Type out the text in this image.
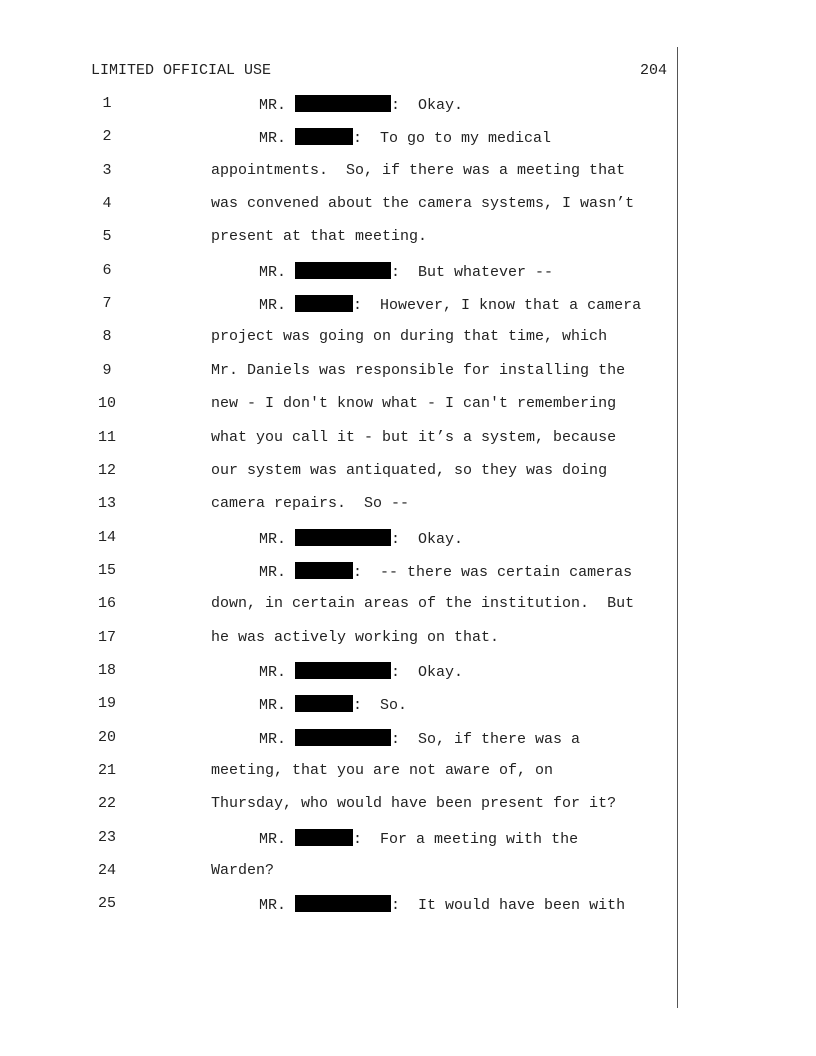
LIMITED OFFICIAL USE	204
1	MR.	:  Okay.
2	MR.	:  To go to my medical
3	appointments.  So, if there was a meeting that
4	was convened about the camera systems, I wasn’t
5	present at that meeting.
6	MR.	:  But whatever --
7	MR.	:  However, I know that a camera
8	project was going on during that time, which
9	Mr. Daniels was responsible for installing the
10	new - I don't know what - I can't remembering
11	what you call it - but it’s a system, because
12	our system was antiquated, so they was doing
13	camera repairs.  So --
14	MR.	:  Okay.
15	MR.	:  -- there was certain cameras
16	down, in certain areas of the institution.  But
17	he was actively working on that.
18	MR.	:  Okay.
19	MR.	:  So.
20	MR.	:  So, if there was a
21	meeting, that you are not aware of, on
22	Thursday, who would have been present for it?
23	MR.	:  For a meeting with the
24	Warden?
25	MR.	:  It would have been with
